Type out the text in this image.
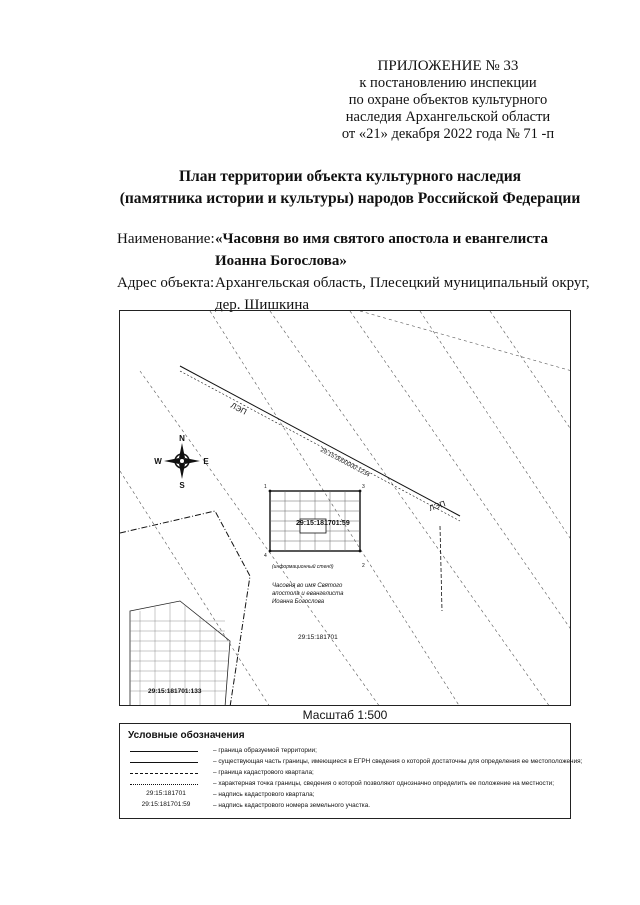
ПРИЛОЖЕНИЕ № 33
к постановлению инспекции
по охране объектов культурного
наследия Архангельской области
от «21» декабря 2022 года № 71 -п
План территории объекта культурного наследия
(памятника истории и культуры) народов Российской Федерации
Наименование: «Часовня во имя святого апостола и евангелиста
Иоанна Богослова»
Адрес объекта: Архангельская область, Плесецкий муниципальный округ,
дер. Шишкина
N
S
E
W
ЛЭП
ЛЭП
29:15:0000000:1234
29:15:181701:59
1
2
3
4
(информационный стенд)
Часовня во имя Святого
апостола и евангелиста
Иоанна Богослова
29:15:181701
29:15:181701:133
Масштаб 1:500
Условные обозначения
– граница образуемой территории;
– существующая часть границы, имеющиеся в ЕГРН сведения о которой достаточны для определения ее местоположения;
– граница кадастрового квартала;
– характерная точка границы, сведения о которой позволяют однозначно определить ее положение на местности;
29:15:181701	– надпись кадастрового квартала;
29:15:181701:59	– надпись кадастрового номера земельного участка.
